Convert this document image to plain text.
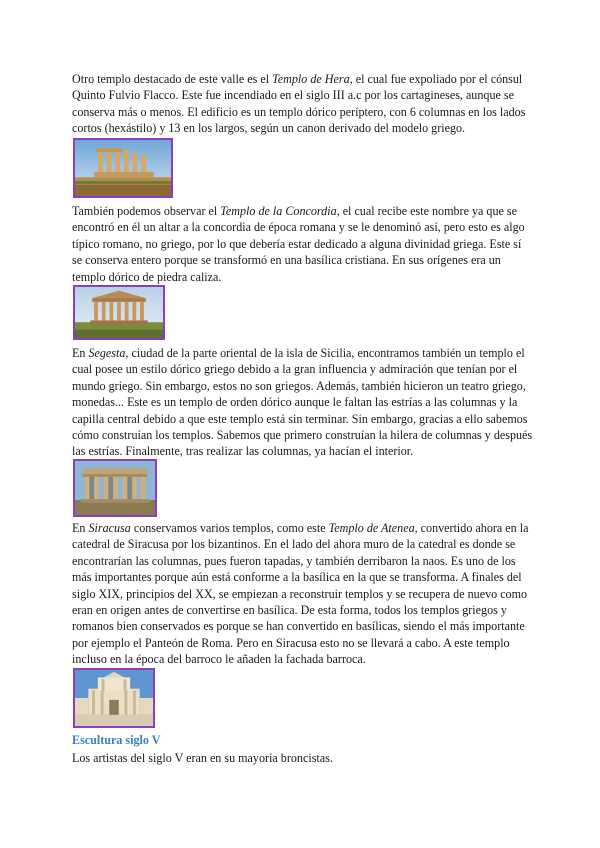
Otro templo destacado de este valle es el Templo de Hera, el cual fue expoliado por el cónsul Quinto Fulvio Flacco. Este fue incendiado en el siglo III a.c por los cartagineses, aunque se conserva más o menos. El edificio es un templo dórico períptero, con 6 columnas en los lados cortos (hexástilo) y 13 en los largos, según un canon derivado del modelo griego.

También podemos observar el Templo de la Concordia, el cual recibe este nombre ya que se encontró en él un altar a la concordia de época romana y se le denominó así, pero esto es algo típico romano, no griego, por lo que debería estar dedicado a alguna divinidad griega. Este sí se conserva entero porque se transformó en una basílica cristiana. En sus orígenes era un templo dórico de piedra caliza.

En Segesta, ciudad de la parte oriental de la isla de Sicilia, encontramos también un templo el cual posee un estilo dórico griego debido a la gran influencia y admiración que tenían por el mundo griego. Sin embargo, estos no son griegos. Además, también hicieron un teatro griego, monedas... Este es un templo de orden dórico aunque le faltan las estrías a las columnas y la capilla central debido a que este templo está sin terminar. Sin embargo, gracias a ello sabemos cómo construían los templos. Sabemos que primero construían la hilera de columnas y después las estrías. Finalmente, tras realizar las columnas, ya hacían el interior.

En Siracusa conservamos varios templos, como este Templo de Atenea, convertido ahora en la catedral de Siracusa por los bizantinos. En el lado del ahora muro de la catedral es donde se encontrarían las columnas, pues fueron tapadas, y también derribaron la naos. Es uno de los más importantes porque aún está conforme a la basílica en la que se transforma. A finales del siglo XIX, principios del XX, se empiezan a reconstruir templos y se recupera de nuevo como eran en origen antes de convertirse en basílica. De esta forma, todos los templos griegos y romanos bien conservados es porque se han convertido en basílicas, siendo el más importante por ejemplo el Panteón de Roma. Pero en Siracusa esto no se llevará a cabo. A este templo incluso en la época del barroco le añaden la fachada barroca.

Escultura siglo V

Los artistas del siglo V eran en su mayoría broncistas.
